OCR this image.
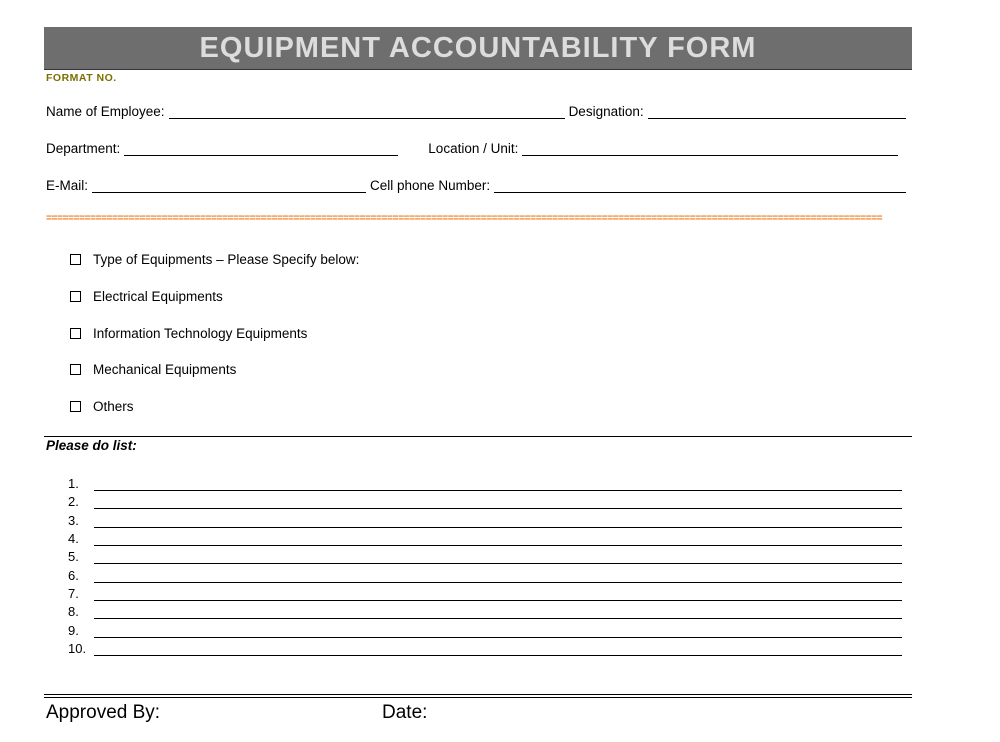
EQUIPMENT ACCOUNTABILITY FORM
FORMAT NO.
Name of Employee:	Designation:
Department:	Location / Unit:
E-Mail:	Cell phone Number:
========================================================================================================================================================
Type of Equipments – Please Specify below:
Electrical Equipments
Information Technology Equipments
Mechanical Equipments
Others
Please do list:
1.
2.
3.
4.
5.
6.
7.
8.
9.
10.
Approved By:	Date:
